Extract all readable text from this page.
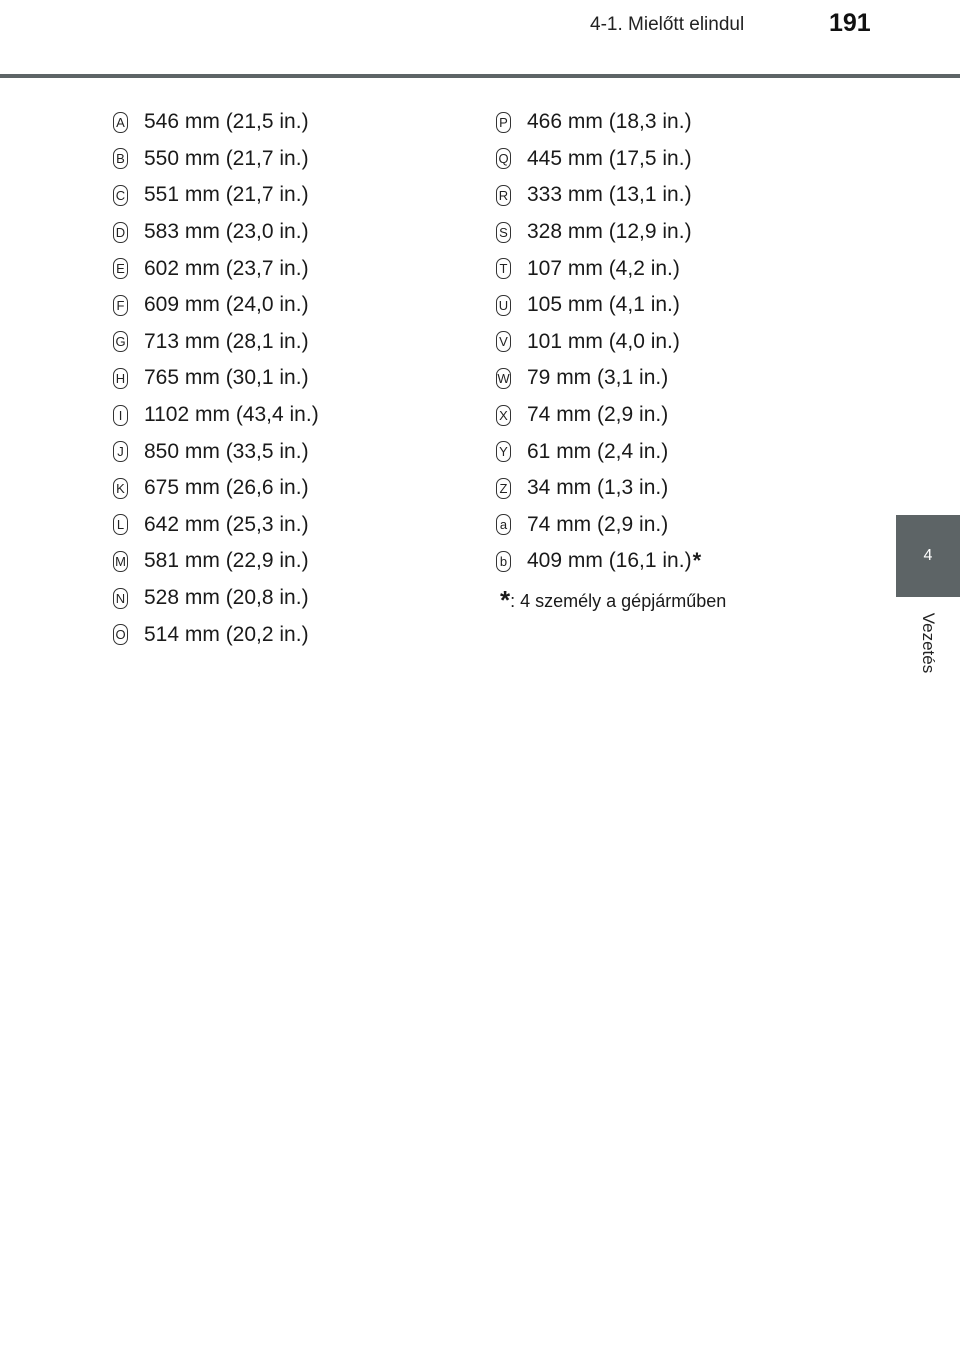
4-1. Mielőtt elindul	191
4
Vezetés
A 546 mm (21,5 in.)
B 550 mm (21,7 in.)
C 551 mm (21,7 in.)
D 583 mm (23,0 in.)
E 602 mm (23,7 in.)
F 609 mm (24,0 in.)
G 713 mm (28,1 in.)
H 765 mm (30,1 in.)
I 1102 mm (43,4 in.)
J 850 mm (33,5 in.)
K 675 mm (26,6 in.)
L 642 mm (25,3 in.)
M 581 mm (22,9 in.)
N 528 mm (20,8 in.)
O 514 mm (20,2 in.)
P 466 mm (18,3 in.)
Q 445 mm (17,5 in.)
R 333 mm (13,1 in.)
S 328 mm (12,9 in.)
T 107 mm (4,2 in.)
U 105 mm (4,1 in.)
V 101 mm (4,0 in.)
W 79 mm (3,1 in.)
X 74 mm (2,9 in.)
Y 61 mm (2,4 in.)
Z 34 mm (1,3 in.)
a 74 mm (2,9 in.)
b 409 mm (16,1 in.) *
*: 4 személy a gépjárműben
